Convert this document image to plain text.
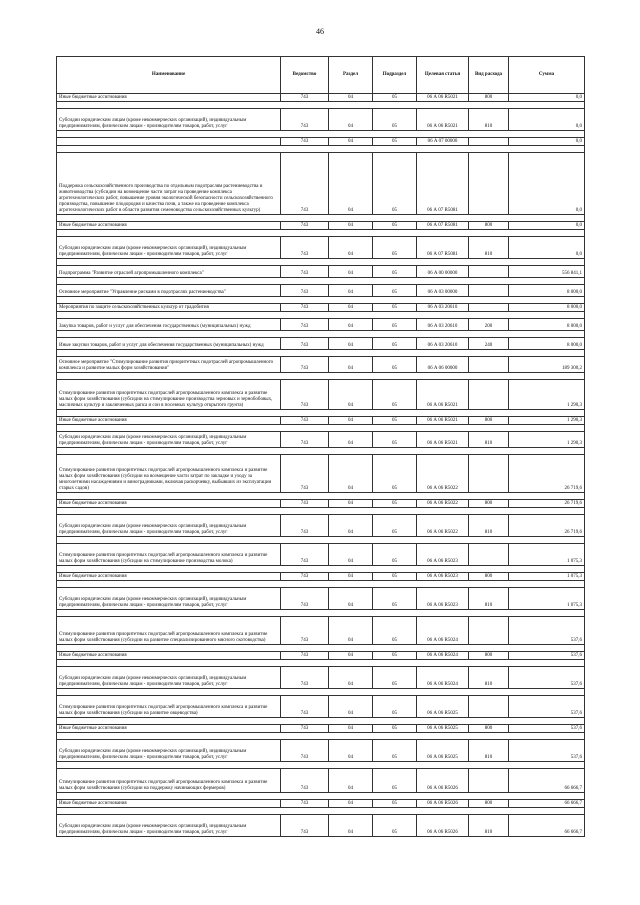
46
Наименование	Ведомство	Раздел	Подраздел	Целевая статья	Вид расхода	Сумма
Иные бюджетные ассигнования	743	04	05	06 А 06 R5021	800	0,0

Субсидии юридическим лицам (кроме некоммерческих организаций), индивидуальным предпринимателям, физическим лицам - производителям товаров, работ, услуг	743	04	05	06 А 06 R5021	810	0,0

	743	04	05	06 А 07 00000		0,0

Поддержка сельскохозяйственного производства по отдельным подотраслям растениеводства и животноводства (субсидии на возмещение части затрат на проведение комплекса агротехнологических работ, повышение уровня экологической безопасности сельскохозяйственного производства, повышение плодородия и качества почв, а также на проведение комплекса агротехнологических работ в области развития семеноводства сельскохозяйственных культур)	743	04	05	06 А 07 R5081		0,0

Иные бюджетные ассигнования	743	04	05	06 А 07 R5081	800	0,0

Субсидии юридическим лицам (кроме некоммерческих организаций), индивидуальным предпринимателям, физическим лицам - производителям товаров, работ, услуг	743	04	05	06 А 07 R5081	810	0,0

Подпрограмма "Развитие отраслей агропромышленного комплекса"	743	04	05	06 А 00 00000		556 841,1

Основное мероприятие "Управление рисками в подотраслях растениеводства"	743	04	05	06 А 03 00000		8 000,0

Мероприятия по защите сельскохозяйственных культур от градобития	743	04	05	06 А 03 20610		8 000,0

Закупка товаров, работ и услуг для обеспечения государственных (муниципальных) нужд	743	04	05	06 А 03 20610	200	8 000,0

Иные закупки товаров, работ и услуг для обеспечения государственных (муниципальных) нужд	743	04	05	06 А 03 20610	240	8 000,0

Основное мероприятие "Стимулирование развития приоритетных подотраслей агропромышленного комплекса и развитие малых форм хозяйствования"	743	04	05	06 А 06 00000		189 300,2

Стимулирование развития приоритетных подотраслей агропромышленного комплекса и развитие малых форм хозяйствования (субсидии на стимулирование производства зерновых и зернобобовых, масличных культур и заключенных рапса и сои в посевных культур открытого грунта)	743	04	05	06 А 06 R5021		1 290,3

Иные бюджетные ассигнования	743	04	05	06 А 06 R5021	800	1 290,3

Субсидии юридическим лицам (кроме некоммерческих организаций), индивидуальным предпринимателям, физическим лицам - производителям товаров, работ, услуг	743	04	05	06 А 06 R5021	810	1 290,3

Стимулирование развития приоритетных подотраслей агропромышленного комплекса и развитие малых форм хозяйствования (субсидии на возмещение части затрат по закладке и уходу за многолетними насаждениями и виноградниками, включая раскорчевку, выбывших из эксплуатации старых садов)	743	04	05	06 А 06 R5022		26 719,6

Иные бюджетные ассигнования	743	04	05	06 А 06 R5022	800	26 719,6

Субсидии юридическим лицам (кроме некоммерческих организаций), индивидуальным предпринимателям, физическим лицам - производителям товаров, работ, услуг	743	04	05	06 А 06 R5022	810	26 719,6

Стимулирование развития приоритетных подотраслей агропромышленного комплекса и развитие малых форм хозяйствования (субсидии на стимулирование производства молока)	743	04	05	06 А 06 R5023		1 075,3

Иные бюджетные ассигнования	743	04	05	06 А 06 R5023	800	1 075,3

Субсидии юридическим лицам (кроме некоммерческих организаций), индивидуальным предпринимателям, физическим лицам - производителям товаров, работ, услуг	743	04	05	06 А 06 R5023	810	1 075,3

Стимулирование развития приоритетных подотраслей агропромышленного комплекса и развитие малых форм хозяйствования (субсидии на развитие специализированного мясного скотоводства)	743	04	05	06 А 06 R5024		537,6

Иные бюджетные ассигнования	743	04	05	06 А 06 R5024	800	537,6

Субсидии юридическим лицам (кроме некоммерческих организаций), индивидуальным предпринимателям, физическим лицам - производителям товаров, работ, услуг	743	04	05	06 А 06 R5024	810	537,6

Стимулирование развития приоритетных подотраслей агропромышленного комплекса и развитие малых форм хозяйствования (субсидии на развитие овцеводства)	743	04	05	06 А 06 R5025		537,6

Иные бюджетные ассигнования	743	04	05	06 А 06 R5025	800	537,6

Субсидии юридическим лицам (кроме некоммерческих организаций), индивидуальным предпринимателям, физическим лицам - производителям товаров, работ, услуг	743	04	05	06 А 06 R5025	810	537,6

Стимулирование развития приоритетных подотраслей агропромышленного комплекса и развитие малых форм хозяйствования (субсидии на поддержку начинающих фермеров)	743	04	05	06 А 06 R5026		66 666,7

Иные бюджетные ассигнования	743	04	05	06 А 06 R5026	800	66 666,7

Субсидии юридическим лицам (кроме некоммерческих организаций), индивидуальным предпринимателям, физическим лицам - производителям товаров, работ, услуг	743	04	05	06 А 06 R5026	810	66 666,7
